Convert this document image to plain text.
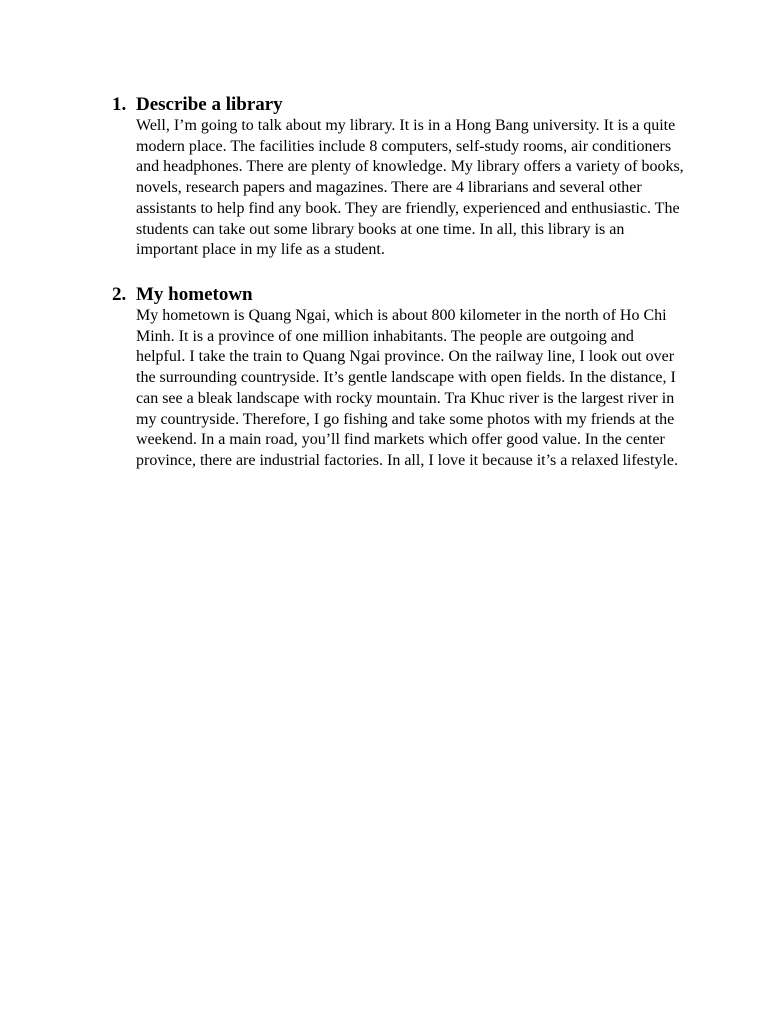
1. Describe a library

Well, I’m going to talk about my library. It is in a Hong Bang university. It is a quite modern place. The facilities include 8 computers, self-study rooms, air conditioners and headphones. There are plenty of knowledge. My library offers a variety of books, novels, research papers and magazines. There are 4 librarians and several other assistants to help find any book. They are friendly, experienced and enthusiastic. The students can take out some library books at one time. In all, this library is an important place in my life as a student.

2. My hometown

My hometown is Quang Ngai, which is about 800 kilometer in the north of Ho Chi Minh. It is a province of one million inhabitants. The people are outgoing and helpful. I take the train to Quang Ngai province. On the railway line, I look out over the surrounding countryside. It’s gentle landscape with open fields. In the distance, I can see a bleak landscape with rocky mountain. Tra Khuc river is the largest river in my countryside. Therefore, I go fishing and take some photos with my friends at the weekend. In a main road, you’ll find markets which offer good value. In the center province, there are industrial factories. In all, I love it because it’s a relaxed lifestyle.
